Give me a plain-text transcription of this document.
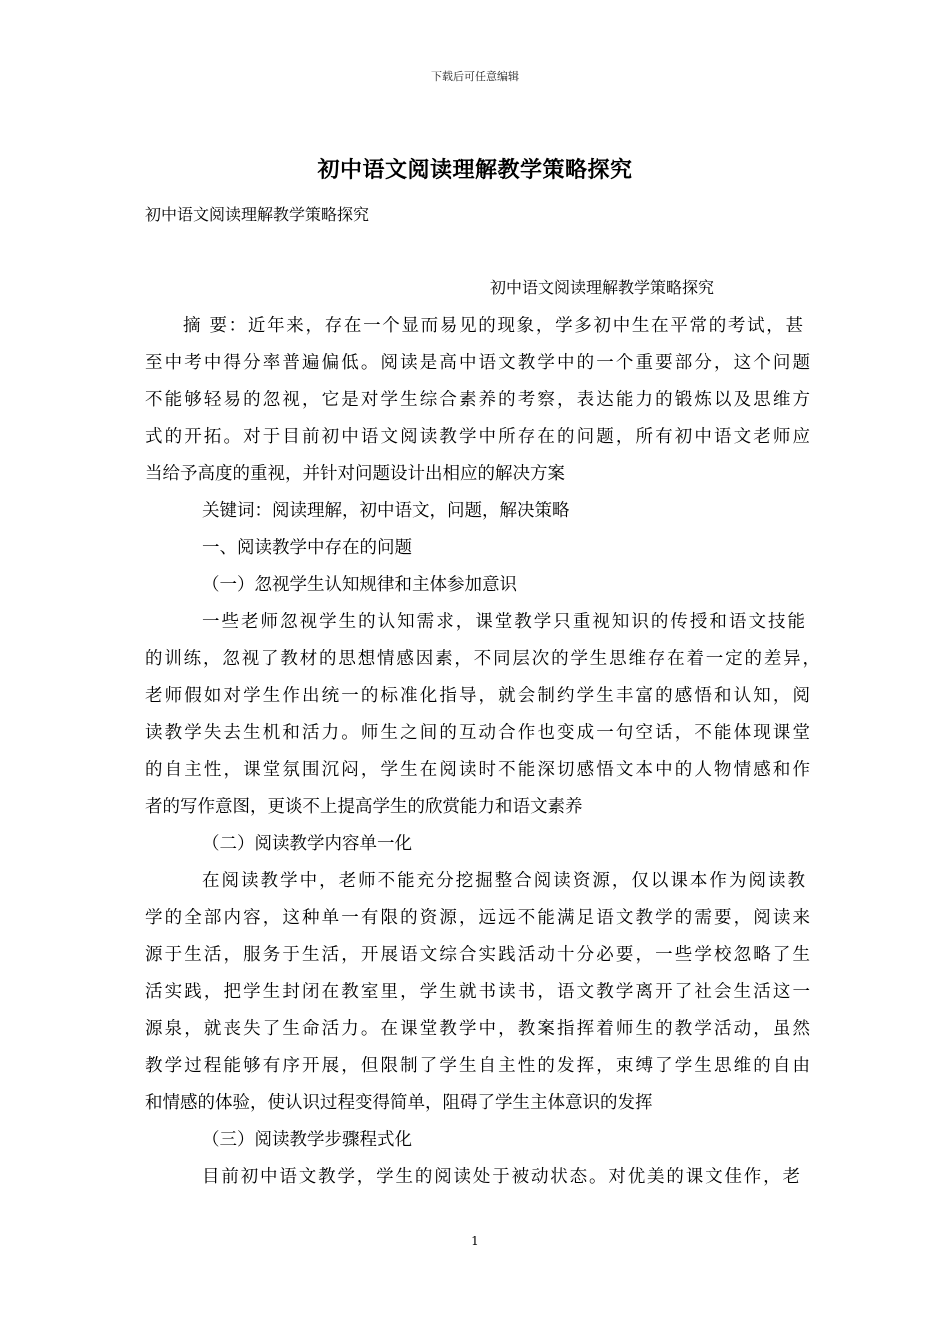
下载后可任意编辑
初中语文阅读理解教学策略探究
初中语文阅读理解教学策略探究
初中语文阅读理解教学策略探究
摘 要：近年来，存在一个显而易见的现象，学多初中生在平常的考试，甚
至中考中得分率普遍偏低。阅读是高中语文教学中的一个重要部分，这个问题
不能够轻易的忽视，它是对学生综合素养的考察，表达能力的锻炼以及思维方
式的开拓。对于目前初中语文阅读教学中所存在的问题，所有初中语文老师应
当给予高度的重视，并针对问题设计出相应的解决方案
关键词：阅读理解，初中语文，问题，解决策略
一、阅读教学中存在的问题
（一）忽视学生认知规律和主体参加意识
一些老师忽视学生的认知需求，课堂教学只重视知识的传授和语文技能
的训练，忽视了教材的思想情感因素，不同层次的学生思维存在着一定的差异，
老师假如对学生作出统一的标准化指导，就会制约学生丰富的感悟和认知，阅
读教学失去生机和活力。师生之间的互动合作也变成一句空话，不能体现课堂
的自主性，课堂氛围沉闷，学生在阅读时不能深切感悟文本中的人物情感和作
者的写作意图，更谈不上提高学生的欣赏能力和语文素养
（二）阅读教学内容单一化
在阅读教学中，老师不能充分挖掘整合阅读资源，仅以课本作为阅读教
学的全部内容，这种单一有限的资源，远远不能满足语文教学的需要，阅读来
源于生活，服务于生活，开展语文综合实践活动十分必要，一些学校忽略了生
活实践，把学生封闭在教室里，学生就书读书，语文教学离开了社会生活这一
源泉，就丧失了生命活力。在课堂教学中，教案指挥着师生的教学活动，虽然
教学过程能够有序开展，但限制了学生自主性的发挥，束缚了学生思维的自由
和情感的体验，使认识过程变得简单，阻碍了学生主体意识的发挥
（三）阅读教学步骤程式化
目前初中语文教学，学生的阅读处于被动状态。对优美的课文佳作，老
1
